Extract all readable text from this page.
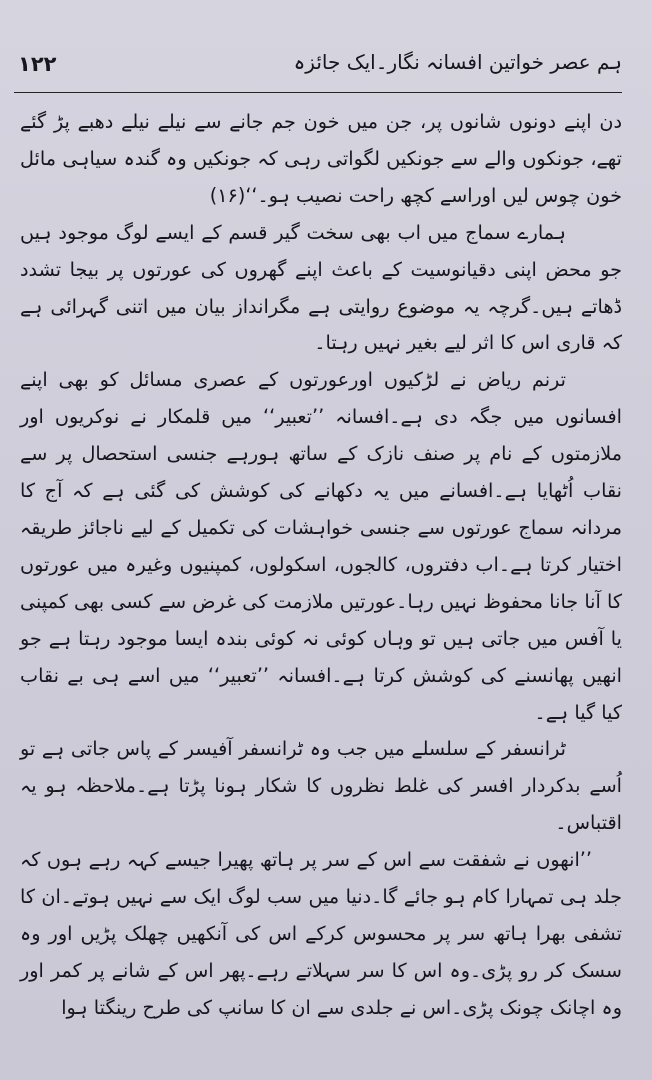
ہم عصر خواتین افسانہ نگار۔ایک جائزہ
۱۲۲

دن اپنے دونوں شانوں پر، جن میں خون جم جانے سے نیلے نیلے دھبے پڑ گئے تھے، جونکوں والے سے جونکیں لگواتی رہی کہ جونکیں وہ گندہ سیاہی مائل خون چوس لیں اوراسے کچھ راحت نصیب ہو۔‘‘(۱۶)

ہمارے سماج میں اب بھی سخت گیر قسم کے ایسے لوگ موجود ہیں جو محض اپنی دقیانوسیت کے باعث اپنے گھروں کی عورتوں پر بیجا تشدد ڈھاتے ہیں۔گرچہ یہ موضوع روایتی ہے مگرانداز بیان میں اتنی گہرائی ہے کہ قاری اس کا اثر لیے بغیر نہیں رہتا۔

ترنم ریاض نے لڑکیوں اورعورتوں کے عصری مسائل کو بھی اپنے افسانوں میں جگہ دی ہے۔افسانہ ’’تعبیر‘‘ میں قلمکار نے نوکریوں اور ملازمتوں کے نام پر صنف نازک کے ساتھ ہورہے جنسی استحصال پر سے نقاب اُٹھایا ہے۔افسانے میں یہ دکھانے کی کوشش کی گئی ہے کہ آج کا مردانہ سماج عورتوں سے جنسی خواہشات کی تکمیل کے لیے ناجائز طریقہ اختیار کرتا ہے۔اب دفتروں، کالجوں، اسکولوں، کمپنیوں وغیرہ میں عورتوں کا آنا جانا محفوظ نہیں رہا۔عورتیں ملازمت کی غرض سے کسی بھی کمپنی یا آفس میں جاتی ہیں تو وہاں کوئی نہ کوئی بندہ ایسا موجود رہتا ہے جو انھیں پھانسنے کی کوشش کرتا ہے۔افسانہ ’’تعبیر‘‘ میں اسے ہی بے نقاب کیا گیا ہے۔

ٹرانسفر کے سلسلے میں جب وہ ٹرانسفر آفیسر کے پاس جاتی ہے تو اُسے بدکردار افسر کی غلط نظروں کا شکار ہونا پڑتا ہے۔ملاحظہ ہو یہ اقتباس۔

’’انھوں نے شفقت سے اس کے سر پر ہاتھ پھیرا جیسے کہہ رہے ہوں کہ جلد ہی تمہارا کام ہو جائے گا۔دنیا میں سب لوگ ایک سے نہیں ہوتے۔ان کا تشفی بھرا ہاتھ سر پر محسوس کرکے اس کی آنکھیں چھلک پڑیں اور وہ سسک کر رو پڑی۔وہ اس کا سر سہلاتے رہے۔پھر اس کے شانے پر کمر اور وہ اچانک چونک پڑی۔اس نے جلدی سے ان کا سانپ کی طرح رینگتا ہوا
